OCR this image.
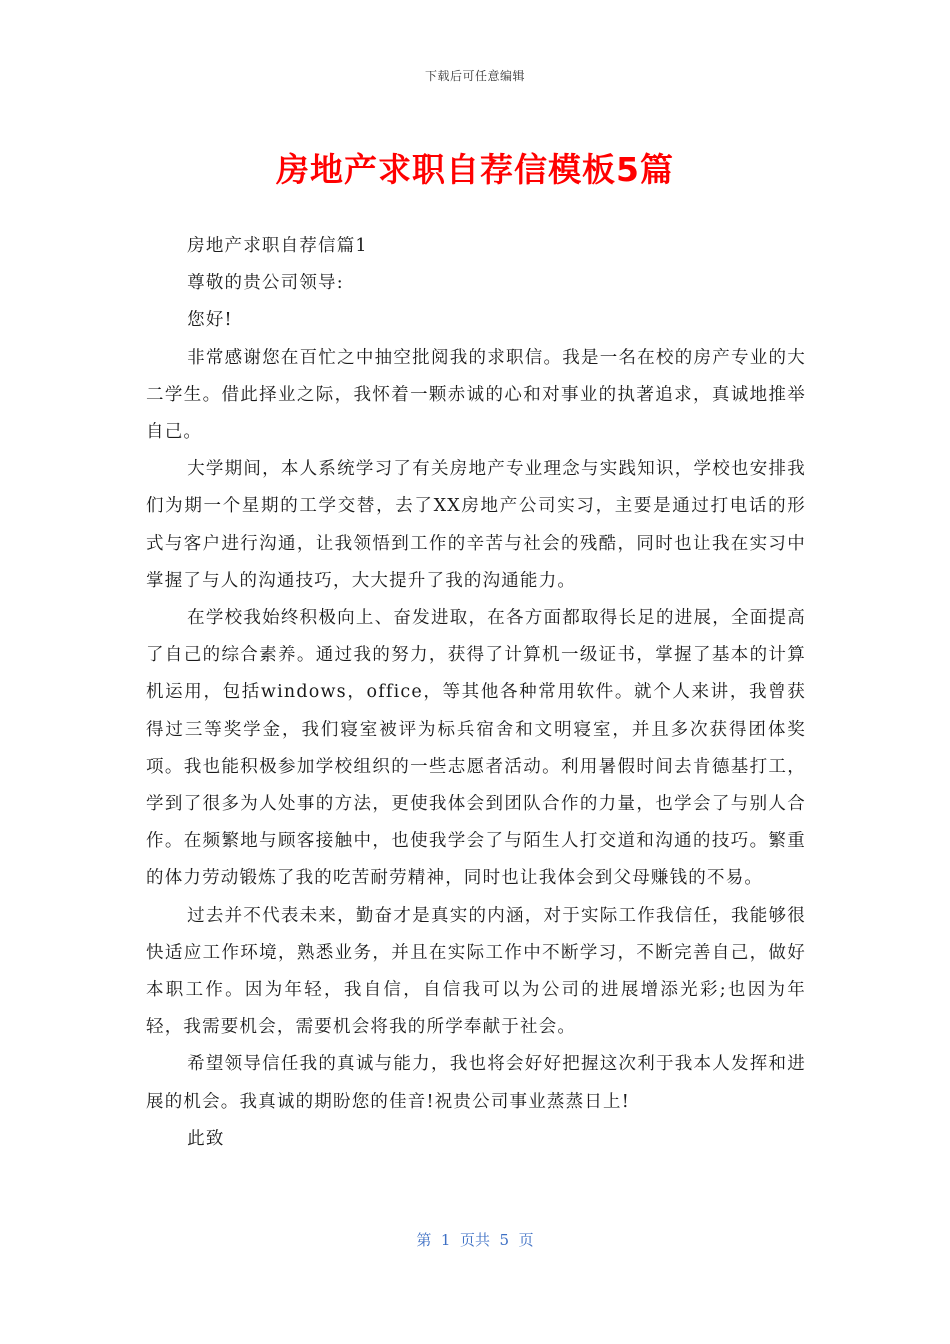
下载后可任意编辑
房地产求职自荐信模板5篇

房地产求职自荐信篇1

尊敬的贵公司领导:

您好!

非常感谢您在百忙之中抽空批阅我的求职信。我是一名在校的房产专业的大二学生。借此择业之际，我怀着一颗赤诚的心和对事业的执著追求，真诚地推举自己。

大学期间，本人系统学习了有关房地产专业理念与实践知识，学校也安排我们为期一个星期的工学交替，去了XX房地产公司实习，主要是通过打电话的形式与客户进行沟通，让我领悟到工作的辛苦与社会的残酷，同时也让我在实习中掌握了与人的沟通技巧，大大提升了我的沟通能力。

在学校我始终积极向上、奋发进取，在各方面都取得长足的进展，全面提高了自己的综合素养。通过我的努力，获得了计算机一级证书，掌握了基本的计算机运用，包括windows，office，等其他各种常用软件。就个人来讲，我曾获得过三等奖学金，我们寝室被评为标兵宿舍和文明寝室，并且多次获得团体奖项。我也能积极参加学校组织的一些志愿者活动。利用暑假时间去肯德基打工，学到了很多为人处事的方法，更使我体会到团队合作的力量，也学会了与别人合作。在频繁地与顾客接触中，也使我学会了与陌生人打交道和沟通的技巧。繁重的体力劳动锻炼了我的吃苦耐劳精神，同时也让我体会到父母赚钱的不易。

过去并不代表未来，勤奋才是真实的内涵，对于实际工作我信任，我能够很快适应工作环境，熟悉业务，并且在实际工作中不断学习，不断完善自己，做好本职工作。因为年轻，我自信，自信我可以为公司的进展增添光彩;也因为年轻，我需要机会，需要机会将我的所学奉献于社会。

希望领导信任我的真诚与能力，我也将会好好把握这次利于我本人发挥和进展的机会。我真诚的期盼您的佳音!祝贵公司事业蒸蒸日上!

此致

第  1  页共  5  页
